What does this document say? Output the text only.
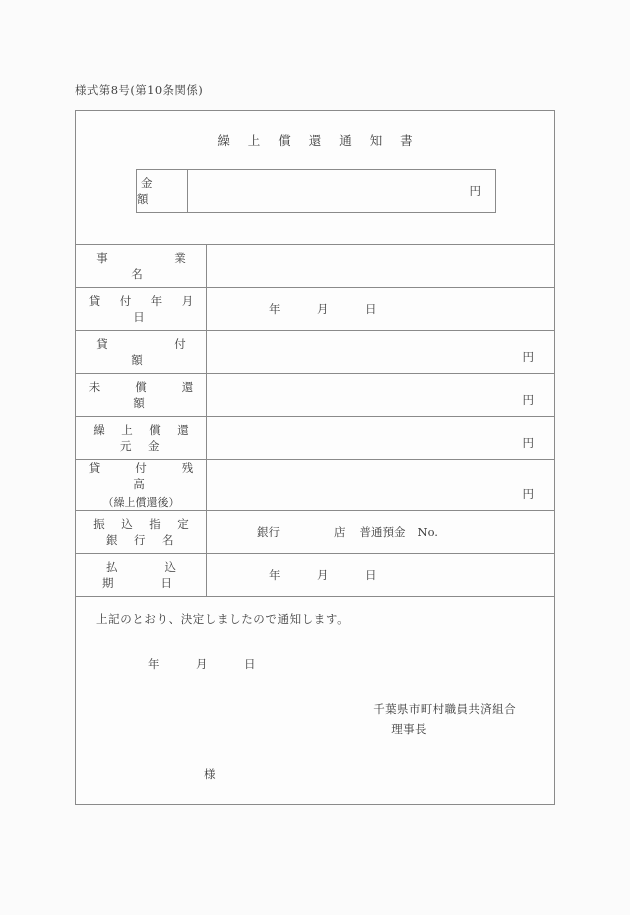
様式第8号(第10条関係)
繰 上 償 還 通 知 書
金　額
円
事　　　業　　　名	

貸　付　年　月　日	年 月 日

貸　　　付　　　額	円

未　　償　　還　　額	円

繰　上　償　還　元　金	円

貸　　付　　残　　高
（繰上償還後）	円

振　込　指　定　銀　行　名	銀行 店 普通預金 No.

払　　込　　期　　日	年 月 日
上記のとおり、決定しましたので通知します。
年	月	日
千葉県市町村職員共済組合
理事長
様
